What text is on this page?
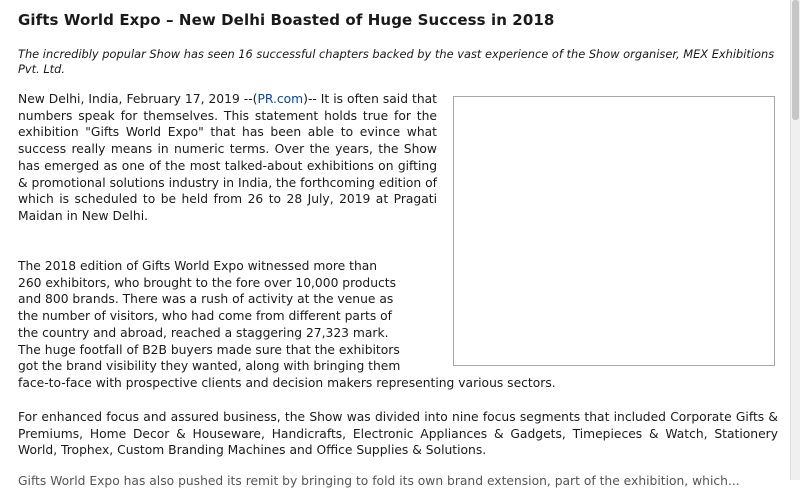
Gifts World Expo – New Delhi Boasted of Huge Success in 2018

The incredibly popular Show has seen 16 successful chapters backed by the vast experience of the Show organiser, MEX Exhibitions Pvt. Ltd.

New Delhi, India, February 17, 2019 --(PR.com)-- It is often said that numbers speak for themselves. This statement holds true for the exhibition "Gifts World Expo" that has been able to evince what success really means in numeric terms. Over the years, the Show has emerged as one of the most talked-about exhibitions on gifting & promotional solutions industry in India, the forthcoming edition of which is scheduled to be held from 26 to 28 July, 2019 at Pragati Maidan in New Delhi.

The 2018 edition of Gifts World Expo witnessed more than
260 exhibitors, who brought to the fore over 10,000 products
and 800 brands. There was a rush of activity at the venue as
the number of visitors, who had come from different parts of
the country and abroad, reached a staggering 27,323 mark.
The huge footfall of B2B buyers made sure that the exhibitors
got the brand visibility they wanted, along with bringing them
face-to-face with prospective clients and decision makers representing various sectors.

For enhanced focus and assured business, the Show was divided into nine focus segments that included Corporate Gifts & Premiums, Home Decor & Houseware, Handicrafts, Electronic Appliances & Gadgets, Timepieces & Watch, Stationery World, Trophex, Custom Branding Machines and Office Supplies & Solutions.

Gifts World Expo has also pushed its remit by bringing to fold its own brand extension, part of the exhibition, which...
